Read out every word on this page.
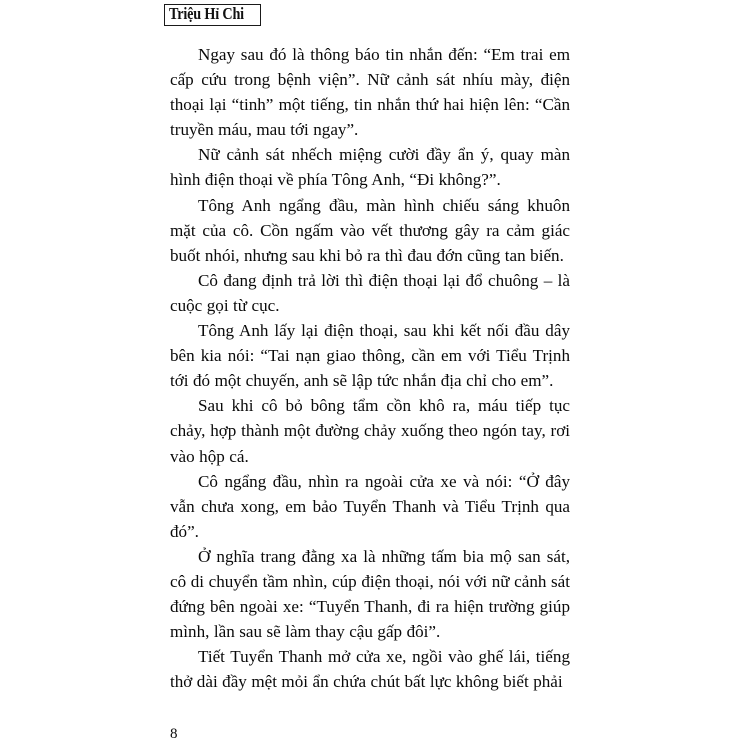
Triệu Hỉ Chi

Ngay sau đó là thông báo tin nhắn đến: “Em trai em cấp cứu trong bệnh viện”. Nữ cảnh sát nhíu mày, điện thoại lại “tinh” một tiếng, tin nhắn thứ hai hiện lên: “Cần truyền máu, mau tới ngay”.

Nữ cảnh sát nhếch miệng cười đầy ẩn ý, quay màn hình điện thoại về phía Tông Anh, “Đi không?”.

Tông Anh ngẩng đầu, màn hình chiếu sáng khuôn mặt của cô. Cồn ngấm vào vết thương gây ra cảm giác buốt nhói, nhưng sau khi bỏ ra thì đau đớn cũng tan biến.

Cô đang định trả lời thì điện thoại lại đổ chuông – là cuộc gọi từ cục.

Tông Anh lấy lại điện thoại, sau khi kết nối đầu dây bên kia nói: “Tai nạn giao thông, cần em với Tiểu Trịnh tới đó một chuyến, anh sẽ lập tức nhắn địa chỉ cho em”.

Sau khi cô bỏ bông tẩm cồn khô ra, máu tiếp tục chảy, hợp thành một đường chảy xuống theo ngón tay, rơi vào hộp cá.

Cô ngẩng đầu, nhìn ra ngoài cửa xe và nói: “Ở đây vẫn chưa xong, em bảo Tuyển Thanh và Tiểu Trịnh qua đó”.

Ở nghĩa trang đằng xa là những tấm bia mộ san sát, cô di chuyển tầm nhìn, cúp điện thoại, nói với nữ cảnh sát đứng bên ngoài xe: “Tuyển Thanh, đi ra hiện trường giúp mình, lần sau sẽ làm thay cậu gấp đôi”.

Tiết Tuyển Thanh mở cửa xe, ngồi vào ghế lái, tiếng thở dài đầy mệt mỏi ẩn chứa chút bất lực không biết phải

8
